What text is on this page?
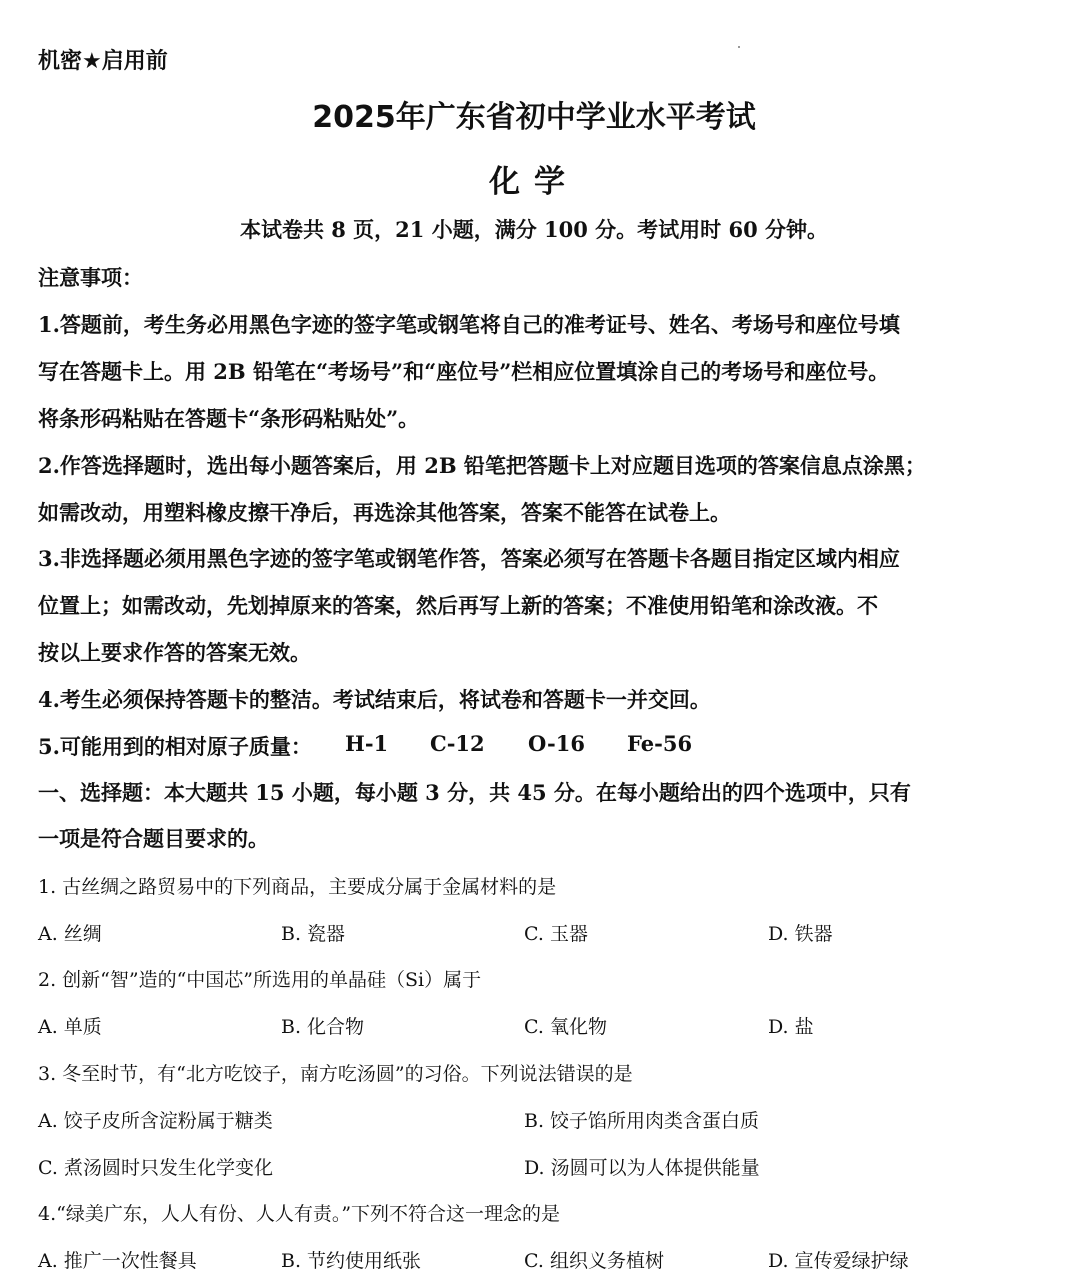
机密★启用前
2025年广东省初中学业水平考试
化学
本试卷共 8 页，21 小题，满分 100 分。考试用时 60 分钟。
注意事项：
1.答题前，考生务必用黑色字迹的签字笔或钢笔将自己的准考证号、姓名、考场号和座位号填
写在答题卡上。用 2B 铅笔在“考场号”和“座位号”栏相应位置填涂自己的考场号和座位号。
将条形码粘贴在答题卡“条形码粘贴处”。
2.作答选择题时，选出每小题答案后，用 2B 铅笔把答题卡上对应题目选项的答案信息点涂黑；
如需改动，用塑料橡皮擦干净后，再选涂其他答案，答案不能答在试卷上。
3.非选择题必须用黑色字迹的签字笔或钢笔作答，答案必须写在答题卡各题目指定区域内相应
位置上；如需改动，先划掉原来的答案，然后再写上新的答案；不准使用铅笔和涂改液。不
按以上要求作答的答案无效。
4.考生必须保持答题卡的整洁。考试结束后，将试卷和答题卡一并交回。
5.可能用到的相对原子质量： H-1 C-12 O-16 Fe-56
一、选择题：本大题共 15 小题，每小题 3 分，共 45 分。在每小题给出的四个选项中，只有
一项是符合题目要求的。
1. 古丝绸之路贸易中的下列商品，主要成分属于金属材料的是
A. 丝绸	B. 瓷器	C. 玉器	D. 铁器
2. 创新“智”造的“中国芯”所选用的单晶硅（Si）属于
A. 单质	B. 化合物	C. 氧化物	D. 盐
3. 冬至时节，有“北方吃饺子，南方吃汤圆”的习俗。下列说法错误的是
A. 饺子皮所含淀粉属于糖类	B. 饺子馅所用肉类含蛋白质
C. 煮汤圆时只发生化学变化	D. 汤圆可以为人体提供能量
4.“绿美广东，人人有份、人人有责。”下列不符合这一理念的是
A. 推广一次性餐具	B. 节约使用纸张	C. 组织义务植树	D. 宣传爱绿护绿
